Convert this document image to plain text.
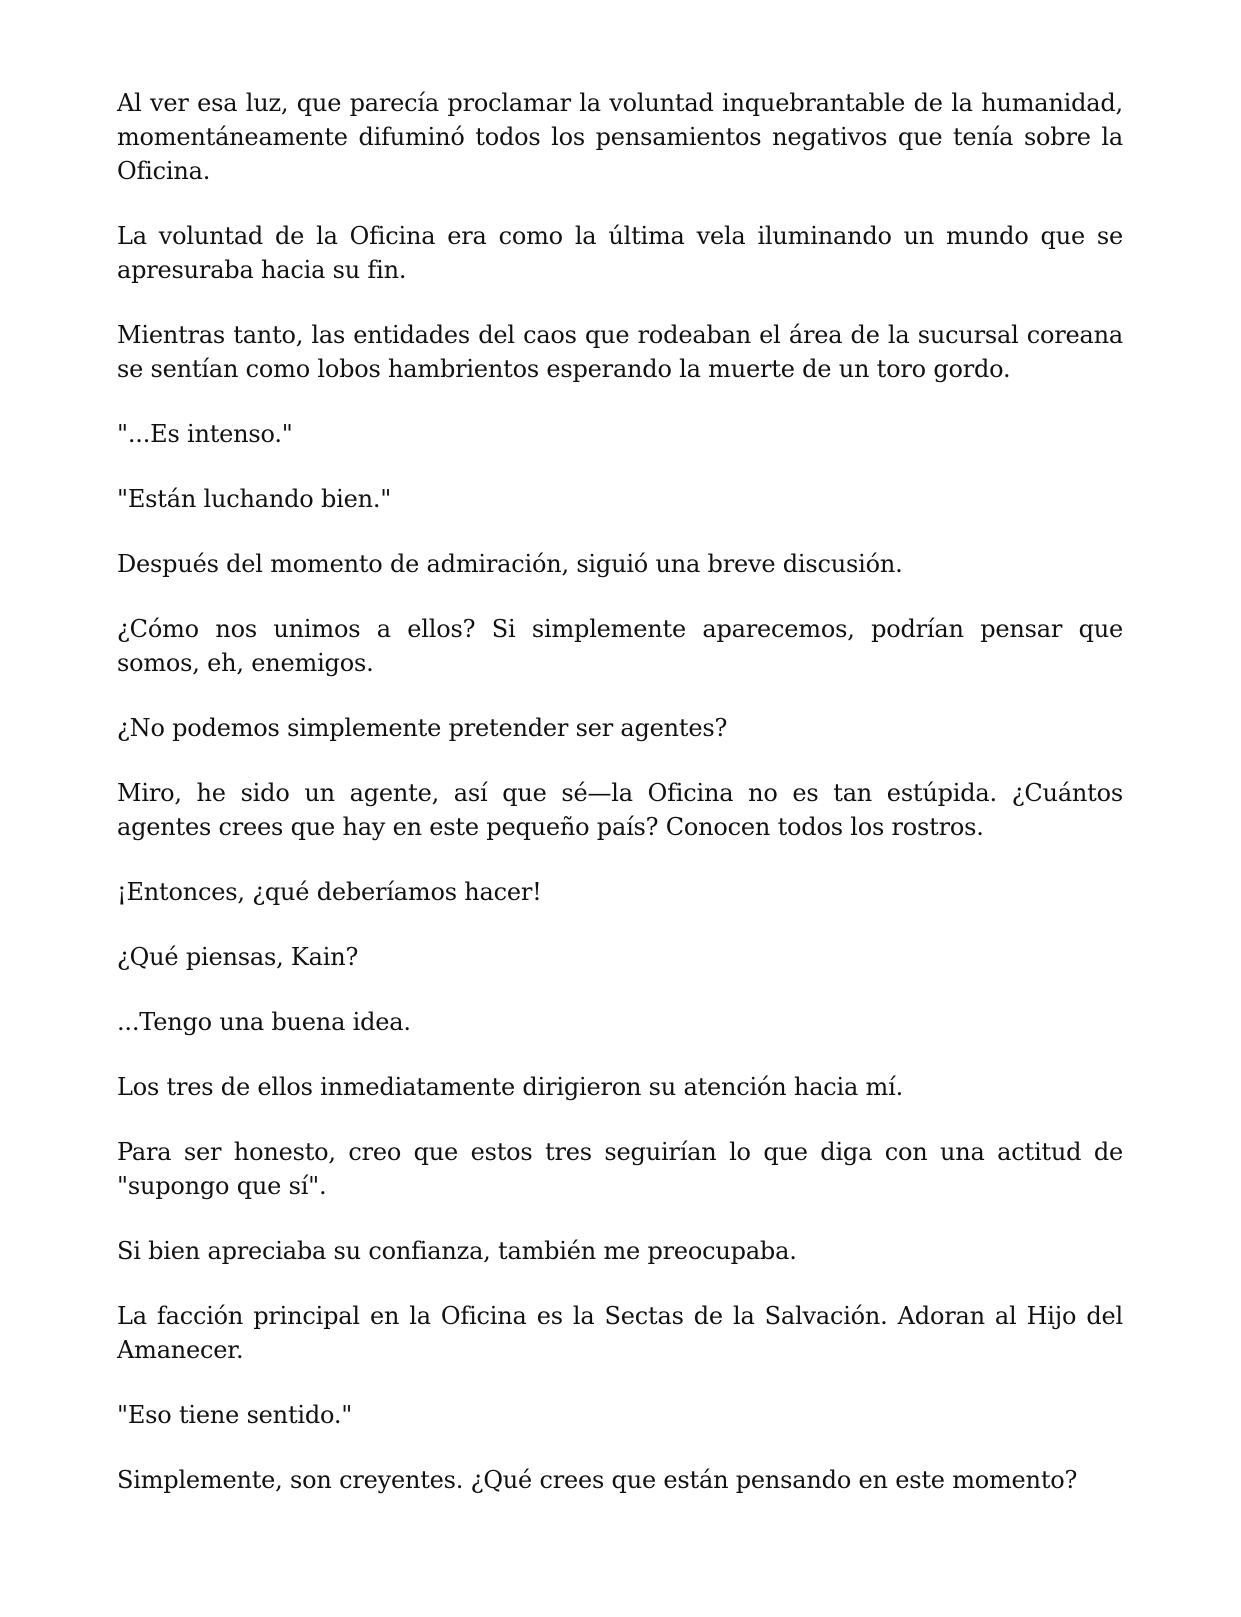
Al ver esa luz, que parecía proclamar la voluntad inquebrantable de la humanidad, momentáneamente difuminó todos los pensamientos negativos que tenía sobre la Oficina.

La voluntad de la Oficina era como la última vela iluminando un mundo que se apresuraba hacia su fin.

Mientras tanto, las entidades del caos que rodeaban el área de la sucursal coreana se sentían como lobos hambrientos esperando la muerte de un toro gordo.

"...Es intenso."

"Están luchando bien."

Después del momento de admiración, siguió una breve discusión.

¿Cómo nos unimos a ellos? Si simplemente aparecemos, podrían pensar que somos, eh, enemigos.

¿No podemos simplemente pretender ser agentes?

Miro, he sido un agente, así que sé—la Oficina no es tan estúpida. ¿Cuántos agentes crees que hay en este pequeño país? Conocen todos los rostros.

¡Entonces, ¿qué deberíamos hacer!

¿Qué piensas, Kain?

...Tengo una buena idea.

Los tres de ellos inmediatamente dirigieron su atención hacia mí.

Para ser honesto, creo que estos tres seguirían lo que diga con una actitud de "supongo que sí".

Si bien apreciaba su confianza, también me preocupaba.

La facción principal en la Oficina es la Sectas de la Salvación. Adoran al Hijo del Amanecer.

"Eso tiene sentido."

Simplemente, son creyentes. ¿Qué crees que están pensando en este momento?
